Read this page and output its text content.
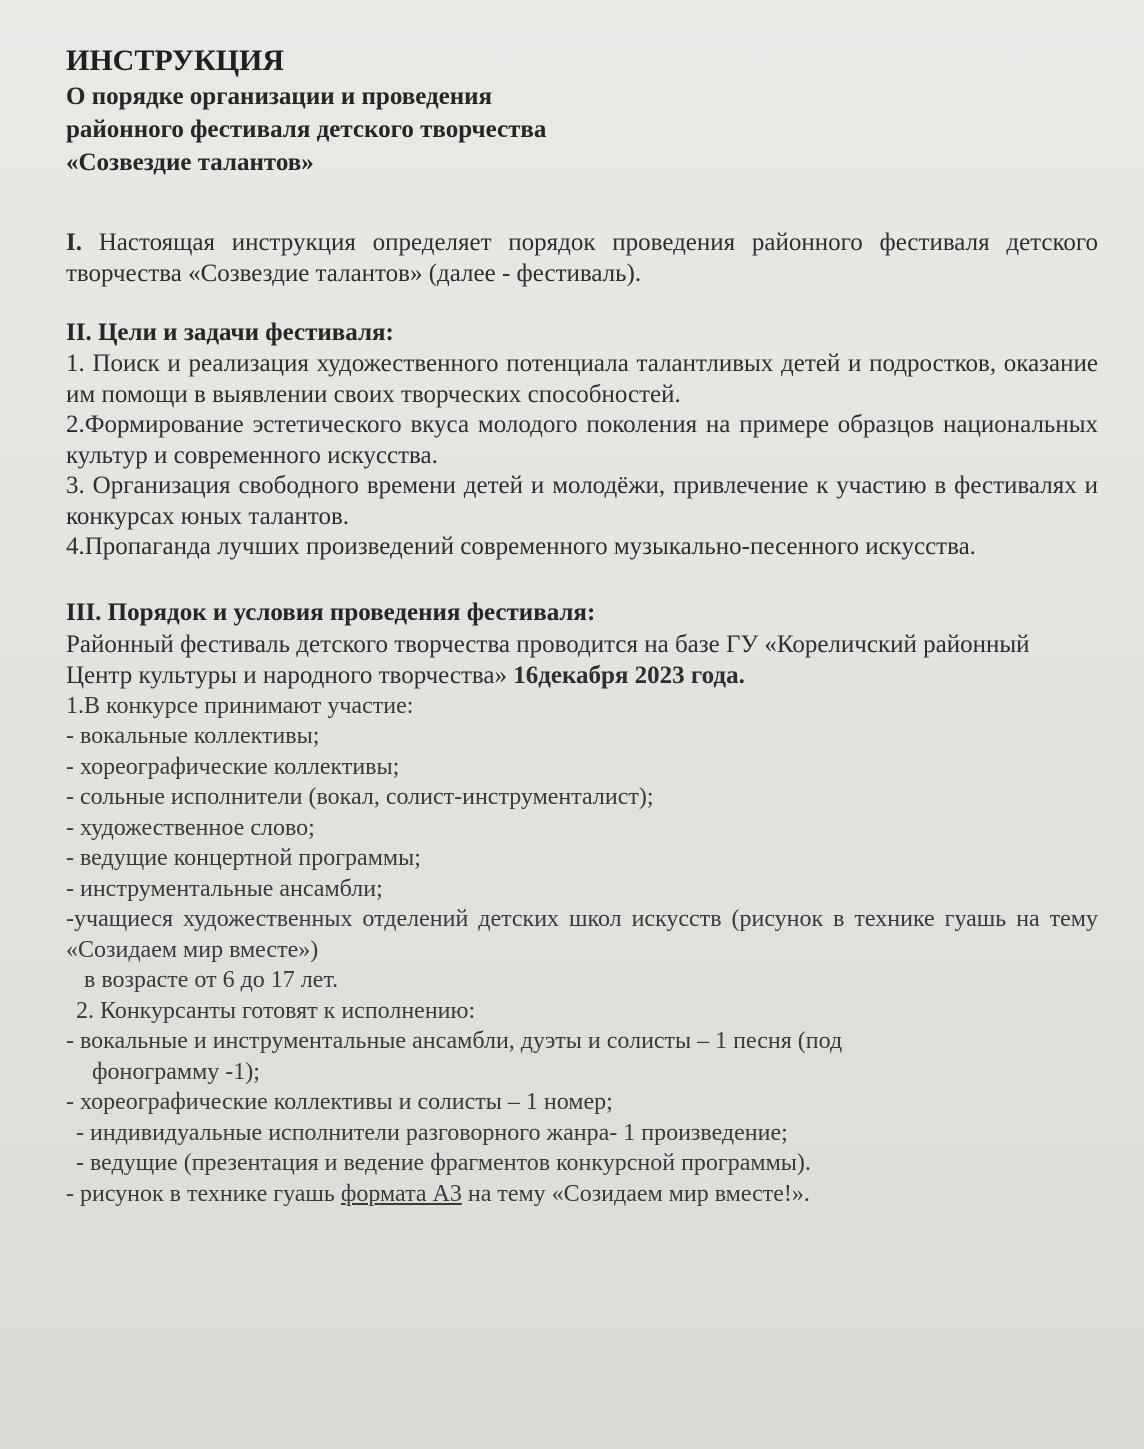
ИНСТРУКЦИЯ
О порядке организации и проведения
районного фестиваля детского творчества
«Созвездие талантов»

I. Настоящая инструкция определяет порядок проведения районного фестиваля детского творчества «Созвездие талантов» (далее - фестиваль).

II. Цели и задачи фестиваля:

1. Поиск и реализация художественного потенциала талантливых детей и подростков, оказание им помощи в выявлении своих творческих способностей.

2.Формирование эстетического вкуса молодого поколения на примере образцов национальных культур и современного искусства.

3. Организация свободного времени детей и молодёжи, привлечение к участию в фестивалях и конкурсах юных талантов.

4.Пропаганда лучших произведений современного музыкально-песенного искусства.

III. Порядок и условия проведения фестиваля:

Районный фестиваль детского творчества проводится на базе ГУ «Кореличский районный Центр культуры и народного творчества» 16декабря 2023 года.

1.В конкурсе принимают участие:

- вокальные коллективы;

- хореографические коллективы;

- сольные исполнители (вокал, солист-инструменталист);

- художественное слово;

- ведущие концертной программы;

- инструментальные ансамбли;

-учащиеся художественных отделений детских школ искусств (рисунок в технике гуашь на тему «Созидаем мир вместе»)

в возрасте от 6 до 17 лет.

2. Конкурсанты готовят к исполнению:

- вокальные и инструментальные ансамбли, дуэты и солисты – 1 песня (под

фонограмму -1);

- хореографические коллективы и солисты – 1 номер;

- индивидуальные исполнители разговорного жанра- 1 произведение;

- ведущие (презентация и ведение фрагментов конкурсной программы).

- рисунок в технике гуашь формата А3 на тему «Созидаем мир вместе!».
